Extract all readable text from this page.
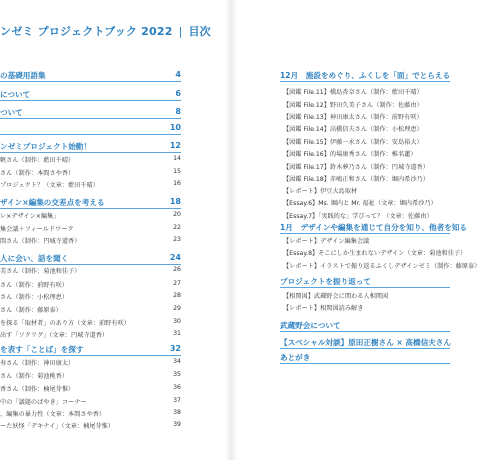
ンゼミ プロジェクトブック 2022 | 目次
の基礎用語集	4
について	6
ついて	8
10
ンゼミプロジェクト始動！	12
帆さん（制作：藍田千晴）	14
さん（制作：本間さや香）	15
プロジェクト？（文章：藍田千晴）	16
ザイン×編集の交差点を考える	18
レ×デザイン×編集」	20
集会議＋フィールドワーク	22
間さん（制作：円城寺道香）	23
人に会い、話を聞く	24
美さん（制作：菊池和佳子）	26
さん（制作：前野有咲）	27
さん（制作：小松理恵）	28
さん（制作：藤原泰）	29
を探る「取材者」のあり方（文章：前野有咲）	30
出す「ソクリグ」（文章：円城寺道香）	31
を表す「ことば」を探す	32
寿さん（制作：神田康太）	34
さん（制作：菊池桃香）	35
香さん（制作：楠尾芽惟）	36
中の「議題のばやき」コーナー	37
、編集の暴力性（文章：本間さや香）	38
ーた妖怪「デキナイ」（文章：楠尾芽惟）	39
12月　施設をめぐり、ふくしを「面」でとらえる
【図鑑 File.11】橋島杏奈さん（制作：藍田千晴）
【図鑑 File.12】野田久美子さん（制作：佐藤由）
【図鑑 File.13】神田康太さん（制作：前野有咲）
【図鑑 File.14】高橋信夫さん（制作：小松理恵）
【図鑑 File.15】伊藤一永さん（制作：安島裕大）
【図鑑 File.16】的場康秀さん（制作：椎名蓮）
【図鑑 File.17】鈴木夢乃さん（制作：円城寺道香）
【図鑑 File.18】赤嶋正和さん（制作：堀内希沙乃）
【レポート】伊豆大島取材
【Essay.6】Ms. 堀内と Mr. 福祉（文章：堀内希沙乃）
【Essay.7】「実践的な」学びって？（文章：佐藤由）
1月　デザインや編集を通じて自分を知り、他者を知る
【レポート】デザイン編集会議
【Essay.8】そこにしか生まれないデザイン（文章：菊池和佳子）
【レポート】イラストで振り返るふくしデザインゼミ（制作：藤原泰）
プロジェクトを振り返って
【相関図】武蔵野会に関わる人相関図
【レポート】相関図読み解き
武蔵野会について
【スペシャル対談】原田正樹さん × 高橋信夫さん
あとがき
